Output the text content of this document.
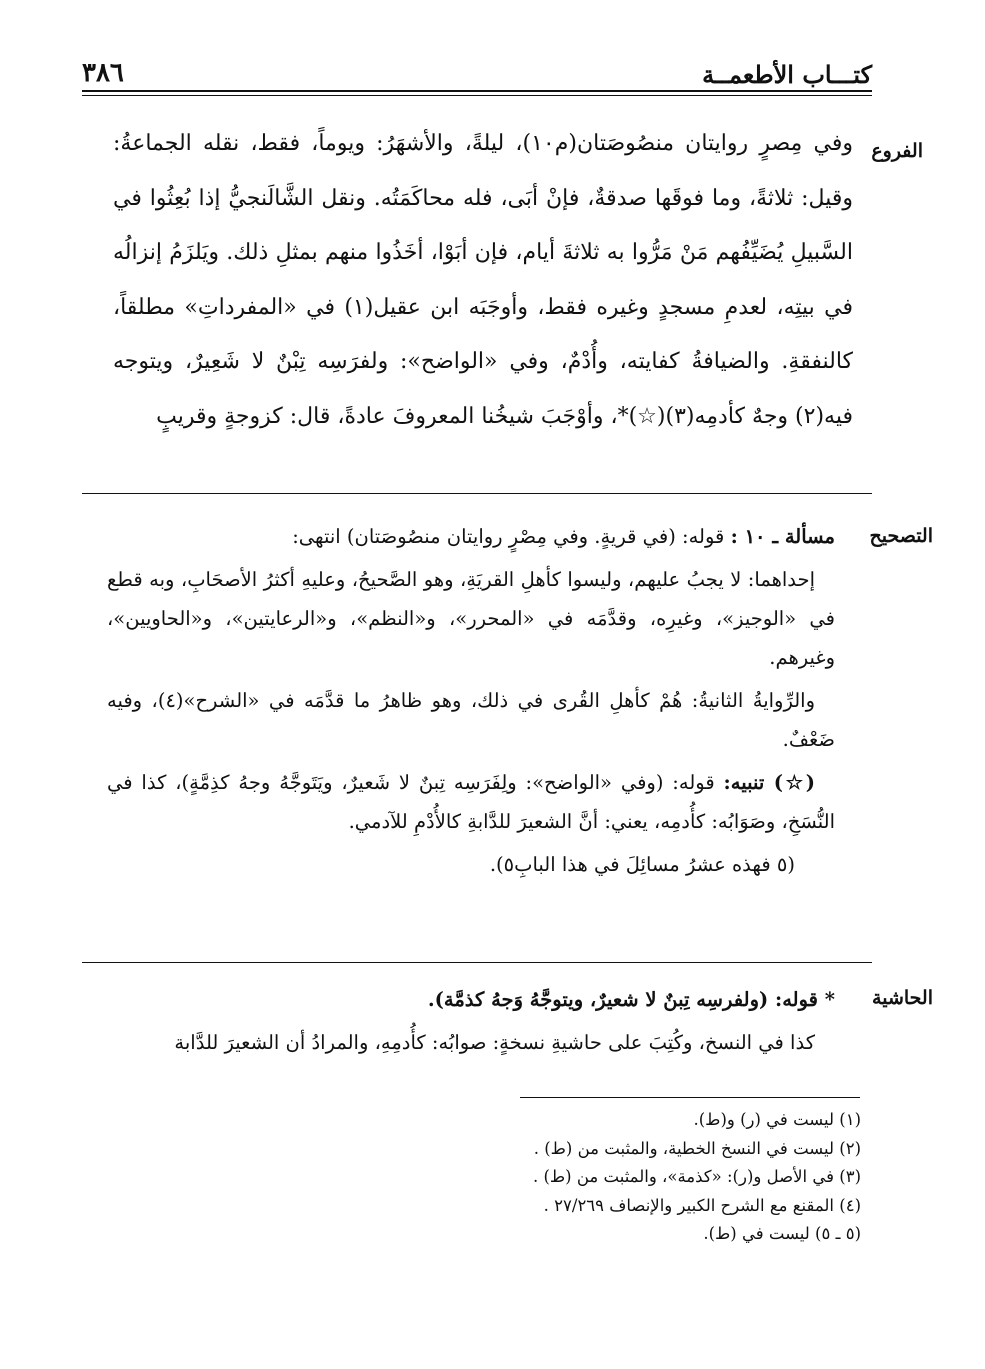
٣٨٦	كتـــاب الأطعمــة
الفروع
وفي مِصرٍ روايتان منصُوصَتان(م١٠)، ليلةً، والأشهَرُ: ويوماً، فقط، نقله الجماعةُ: وقيل: ثلاثةً، وما فوقَها صدقةٌ، فإنْ أبَى، فله محاكَمَتُه. ونقل الشَّالَنجيُّ إذا بُعِثُوا في السَّبيلِ يُضَيِّفُهم مَنْ مَرُّوا به ثلاثةَ أيام، فإن أبَوْا، أخَذُوا منهم بمثلِ ذلك. ويَلزَمُ إنزالُه في بيتِه، لعدمِ مسجدٍ وغيره فقط، وأوجَبَه ابن عقيل(١) في «المفرداتِ» مطلقاً، كالنفقةِ. والضيافةُ كفايته، وأُدْمٌ، وفي «الواضح»: ولفرَسِه تِبْنٌ لا شَعِيرٌ، ويتوجه فيه(٢) وجهٌ كأدمِه(٣)(☆)*، وأوْجَبَ شيخُنا المعروفَ عادةً، قال: كزوجةٍ وقريبٍ
التصحيح

مسألة ـ ١٠ : قوله: (في قريةٍ. وفي مِصْرٍ روايتان منصُوصَتان) انتهى:

إحداهما: لا يجبُ عليهم، وليسوا كأهلِ القريَةِ، وهو الصَّحيحُ، وعليهِ أكثرُ الأصحَابِ، وبه قطع في «الوجيز»، وغيرِه، وقدَّمَه في «المحرر»، و«النظم»، و«الرعايتين»، و«الحاويين»، وغيرهم.

والرِّوايةُ الثانيةُ: هُمْ كأهلِ القُرى في ذلك، وهو ظاهرُ ما قدَّمَه في «الشرح»(٤)، وفيه ضَعْفٌ.

(☆) تنبيه: قوله: (وفي «الواضح»: ولِفَرَسِه تِبنٌ لا شَعيرٌ، ويَتَوجَّهُ وجهُ كذِمَّةٍ)، كذا في النُّسَخِ، وصَوَابُه: كأُدمِه، يعني: أنَّ الشعيرَ للدَّابةِ كالأُدْمِ للآدمي.

(٥ فهذه عشرُ مسائِلَ في هذا البابِ٥).

الحاشية

* قوله: (ولفرسِه تِبنٌ لا شعيرٌ، ويتوجَّهُ وَجهُ كذمَّة).

كذا في النسخ، وكُتِبَ على حاشيةِ نسخةٍ: صوابُه: كأُدمِهِ، والمرادُ أن الشعيرَ للدَّابة

(١) ليست في (ر) و(ط).
(٢) ليست في النسخ الخطية، والمثبت من (ط) .
(٣) في الأصل و(ر): «كذمة»، والمثبت من (ط) .
(٤) المقنع مع الشرح الكبير والإنصاف ٢٧/٢٦٩ .
(٥ ـ ٥) ليست في (ط).
